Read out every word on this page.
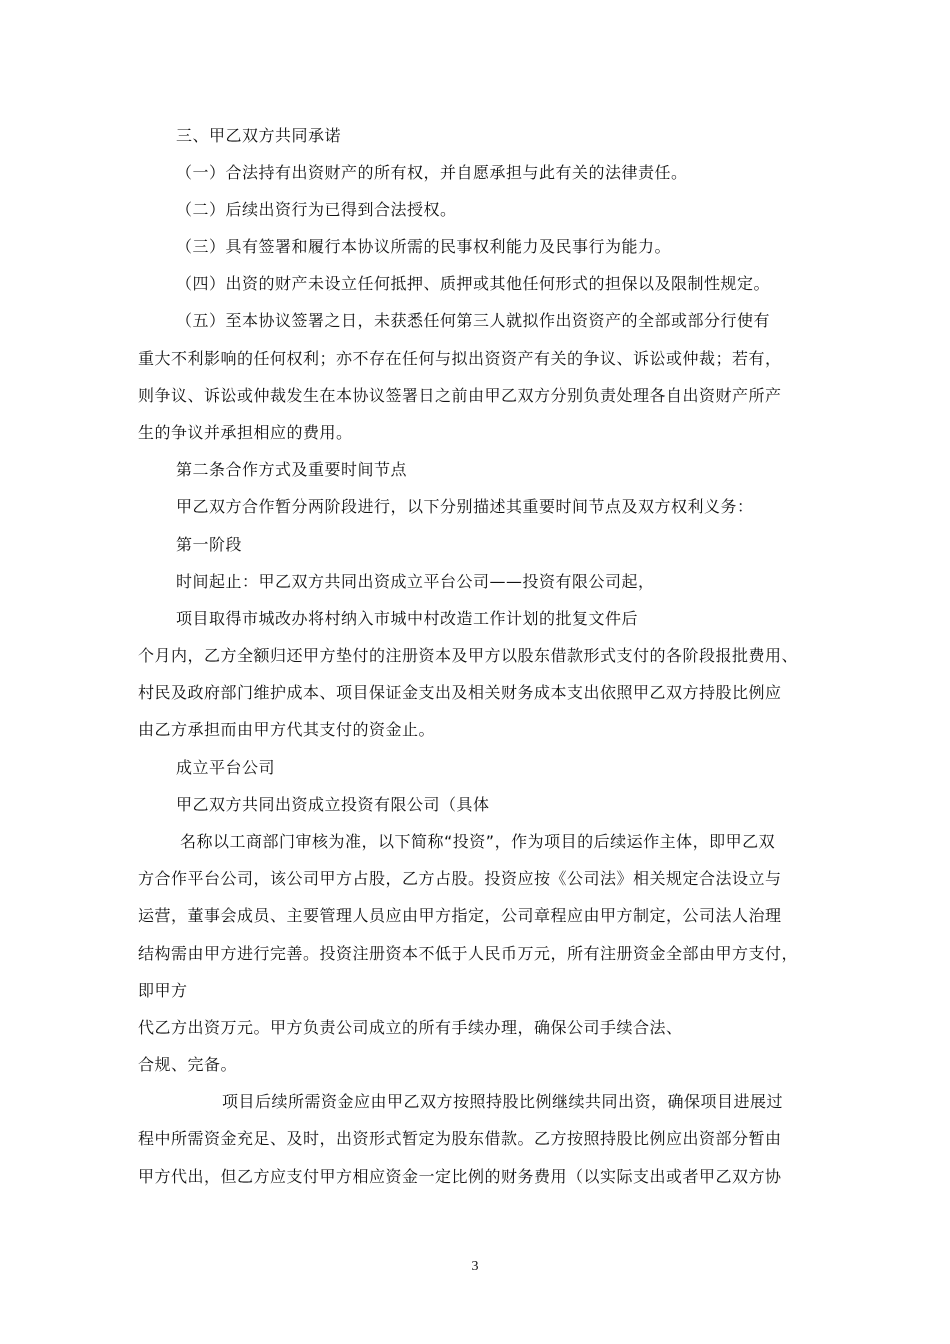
三、甲乙双方共同承诺
（一）合法持有出资财产的所有权，并自愿承担与此有关的法律责任。
（二）后续出资行为已得到合法授权。
（三）具有签署和履行本协议所需的民事权利能力及民事行为能力。
（四）出资的财产未设立任何抵押、质押或其他任何形式的担保以及限制性规定。
（五）至本协议签署之日，未获悉任何第三人就拟作出资资产的全部或部分行使有
重大不利影响的任何权利；亦不存在任何与拟出资资产有关的争议、诉讼或仲裁；若有，
则争议、诉讼或仲裁发生在本协议签署日之前由甲乙双方分别负责处理各自出资财产所产
生的争议并承担相应的费用。
第二条合作方式及重要时间节点
甲乙双方合作暂分两阶段进行，以下分别描述其重要时间节点及双方权利义务：
第一阶段
时间起止：甲乙双方共同出资成立平台公司——投资有限公司起，
项目取得市城改办将村纳入市城中村改造工作计划的批复文件后
个月内，乙方全额归还甲方垫付的注册资本及甲方以股东借款形式支付的各阶段报批费用、
村民及政府部门维护成本、项目保证金支出及相关财务成本支出依照甲乙双方持股比例应
由乙方承担而由甲方代其支付的资金止。
成立平台公司
甲乙双方共同出资成立投资有限公司（具体
名称以工商部门审核为准，以下简称“投资”，作为项目的后续运作主体，即甲乙双
方合作平台公司，该公司甲方占股，乙方占股。投资应按《公司法》相关规定合法设立与
运营，董事会成员、主要管理人员应由甲方指定，公司章程应由甲方制定，公司法人治理
结构需由甲方进行完善。投资注册资本不低于人民币万元，所有注册资金全部由甲方支付，
即甲方
代乙方出资万元。甲方负责公司成立的所有手续办理，确保公司手续合法、
合规、完备。
项目后续所需资金应由甲乙双方按照持股比例继续共同出资，确保项目进展过
程中所需资金充足、及时，出资形式暂定为股东借款。乙方按照持股比例应出资部分暂由
甲方代出，但乙方应支付甲方相应资金一定比例的财务费用（以实际支出或者甲乙双方协
3
